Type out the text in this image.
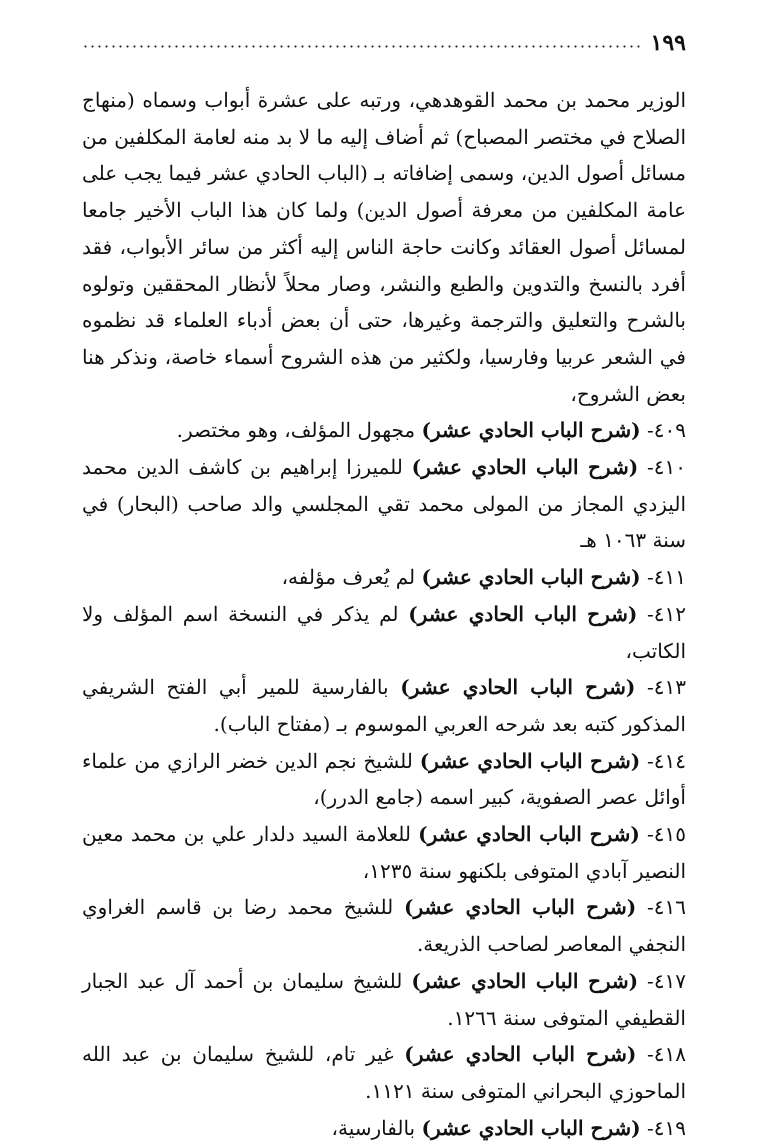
١٩٩

الوزير محمد بن محمد القوهدهي، ورتبه على عشرة أبواب وسماه (منهاج الصلاح في مختصر المصباح) ثم أضاف إليه ما لا بد منه لعامة المكلفين من مسائل أصول الدين، وسمى إضافاته بـ (الباب الحادي عشر فيما يجب على عامة المكلفين من معرفة أصول الدين) ولما كان هذا الباب الأخير جامعا لمسائل أصول العقائد وكانت حاجة الناس إليه أكثر من سائر الأبواب، فقد أفرد بالنسخ والتدوين والطبع والنشر، وصار محلاً لأنظار المحققين وتولوه بالشرح والتعليق والترجمة وغيرها، حتى أن بعض أدباء العلماء قد نظموه في الشعر عربيا وفارسيا، ولكثير من هذه الشروح أسماء خاصة، ونذكر هنا بعض الشروح،

٤٠٩- (شرح الباب الحادي عشر) مجهول المؤلف، وهو مختصر.

٤١٠- (شرح الباب الحادي عشر) للميرزا إبراهيم بن كاشف الدين محمد اليزدي المجاز من المولى محمد تقي المجلسي والد صاحب (البحار) في سنة ١٠٦٣ هـ

٤١١- (شرح الباب الحادي عشر) لم يُعرف مؤلفه،

٤١٢- (شرح الباب الحادي عشر) لم يذكر في النسخة اسم المؤلف ولا الكاتب،

٤١٣- (شرح الباب الحادي عشر) بالفارسية للمير أبي الفتح الشريفي المذكور كتبه بعد شرحه العربي الموسوم بـ (مفتاح الباب).

٤١٤- (شرح الباب الحادي عشر) للشيخ نجم الدين خضر الرازي من علماء أوائل عصر الصفوية، كبير اسمه (جامع الدرر)،

٤١٥- (شرح الباب الحادي عشر) للعلامة السيد دلدار علي بن محمد معين النصير آبادي المتوفى بلكنهو سنة ١٢٣٥،

٤١٦- (شرح الباب الحادي عشر) للشيخ محمد رضا بن قاسم الغراوي النجفي المعاصر لصاحب الذريعة.

٤١٧- (شرح الباب الحادي عشر) للشيخ سليمان بن أحمد آل عبد الجبار القطيفي المتوفى سنة ١٢٦٦.

٤١٨- (شرح الباب الحادي عشر) غير تام، للشيخ سليمان بن عبد الله الماحوزي البحراني المتوفى سنة ١١٢١.

٤١٩- (شرح الباب الحادي عشر) بالفارسية،
